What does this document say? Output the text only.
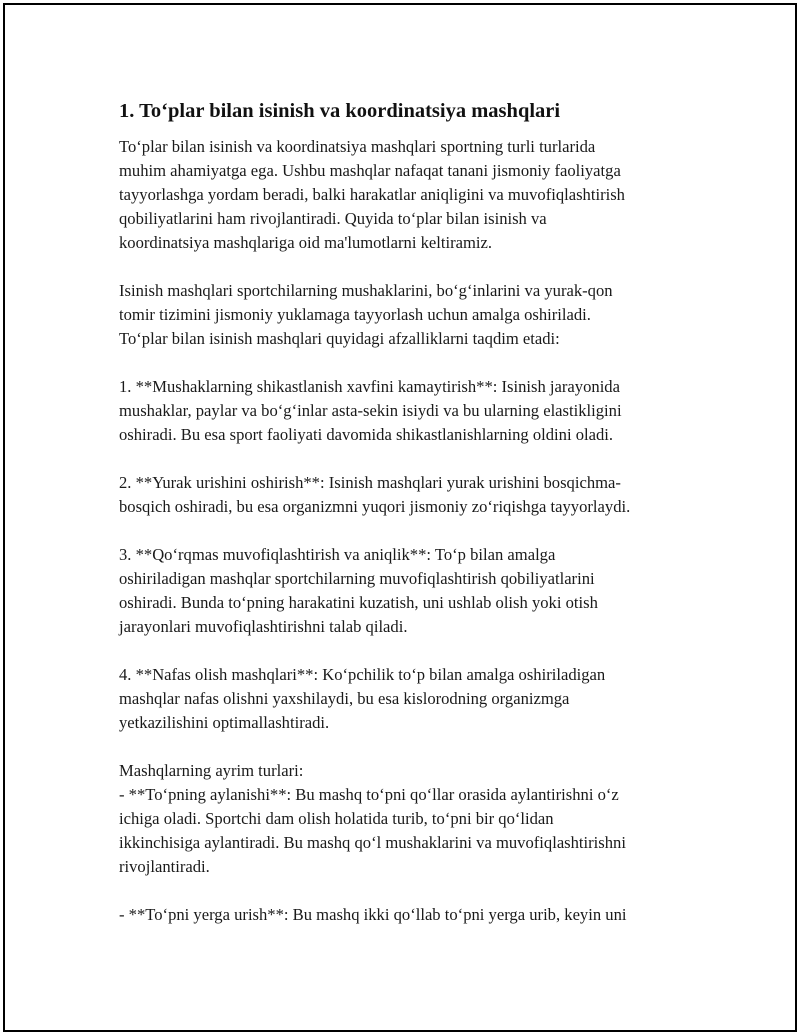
1. To‘plar bilan isinish va koordinatsiya mashqlari
To‘plar bilan isinish va koordinatsiya mashqlari sportning turli turlarida
muhim ahamiyatga ega. Ushbu mashqlar nafaqat tanani jismoniy faoliyatga
tayyorlashga yordam beradi, balki harakatlar aniqligini va muvofiqlashtirish
qobiliyatlarini ham rivojlantiradi. Quyida to‘plar bilan isinish va
koordinatsiya mashqlariga oid ma'lumotlarni keltiramiz.
Isinish mashqlari sportchilarning mushaklarini, bo‘g‘inlarini va yurak-qon
tomir tizimini jismoniy yuklamaga tayyorlash uchun amalga oshiriladi.
To‘plar bilan isinish mashqlari quyidagi afzalliklarni taqdim etadi:
1. **Mushaklarning shikastlanish xavfini kamaytirish**: Isinish jarayonida
mushaklar, paylar va bo‘g‘inlar asta-sekin isiydi va bu ularning elastikligini
oshiradi. Bu esa sport faoliyati davomida shikastlanishlarning oldini oladi.
2. **Yurak urishini oshirish**: Isinish mashqlari yurak urishini bosqichma-
bosqich oshiradi, bu esa organizmni yuqori jismoniy zo‘riqishga tayyorlaydi.
3. **Qo‘rqmas muvofiqlashtirish va aniqlik**: To‘p bilan amalga
oshiriladigan mashqlar sportchilarning muvofiqlashtirish qobiliyatlarini
oshiradi. Bunda to‘pning harakatini kuzatish, uni ushlab olish yoki otish
jarayonlari muvofiqlashtirishni talab qiladi.
4. **Nafas olish mashqlari**: Ko‘pchilik to‘p bilan amalga oshiriladigan
mashqlar nafas olishni yaxshilaydi, bu esa kislorodning organizmga
yetkazilishini optimallashtiradi.
Mashqlarning ayrim turlari:
- **To‘pning aylanishi**: Bu mashq to‘pni qo‘llar orasida aylantirishni o‘z
ichiga oladi. Sportchi dam olish holatida turib, to‘pni bir qo‘lidan
ikkinchisiga aylantiradi. Bu mashq qo‘l mushaklarini va muvofiqlashtirishni
rivojlantiradi.
- **To‘pni yerga urish**: Bu mashq ikki qo‘llab to‘pni yerga urib, keyin uni
